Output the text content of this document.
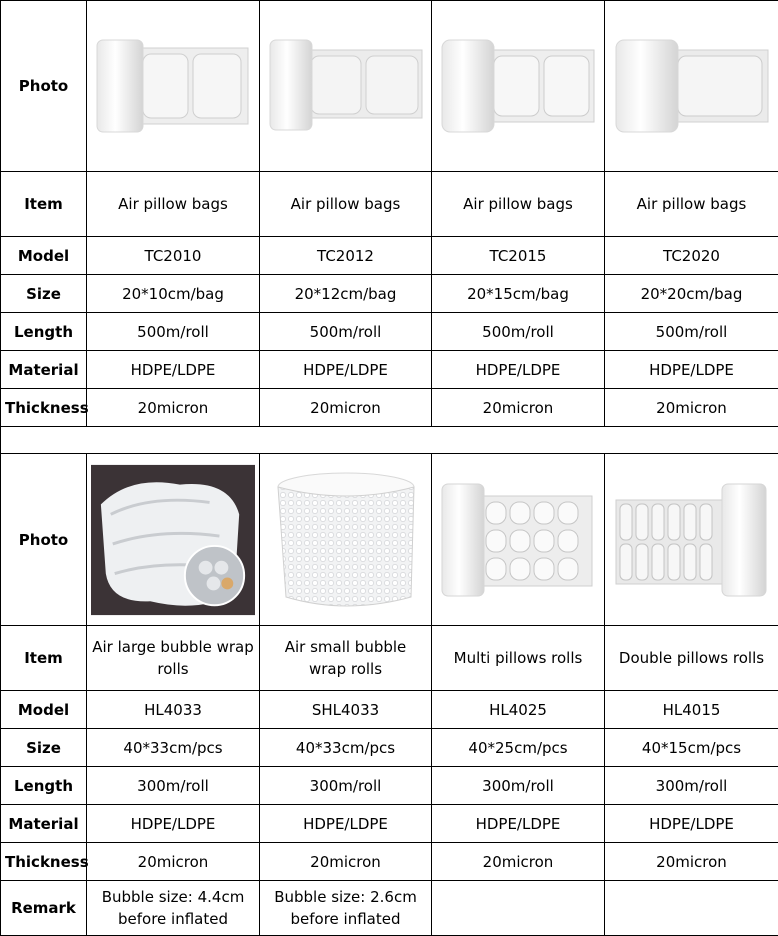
Photo	

Item	Air pillow bags	Air pillow bags	Air pillow bags	Air pillow bags
Model	TC2010	TC2012	TC2015	TC2020
Size	20*10cm/bag	20*12cm/bag	20*15cm/bag	20*20cm/bag
Length	500m/roll	500m/roll	500m/roll	500m/roll
Material	HDPE/LDPE	HDPE/LDPE	HDPE/LDPE	HDPE/LDPE
Thickness	20micron	20micron	20micron	20micron

Photo	

Item	Air large bubble wrap rolls	Air small bubble wrap rolls	Multi pillows rolls	Double pillows rolls
Model	HL4033	SHL4033	HL4025	HL4015
Size	40*33cm/pcs	40*33cm/pcs	40*25cm/pcs	40*15cm/pcs
Length	300m/roll	300m/roll	300m/roll	300m/roll
Material	HDPE/LDPE	HDPE/LDPE	HDPE/LDPE	HDPE/LDPE
Thickness	20micron	20micron	20micron	20micron
Remark	Bubble size: 4.4cm before inflated	Bubble size: 2.6cm before inflated		
